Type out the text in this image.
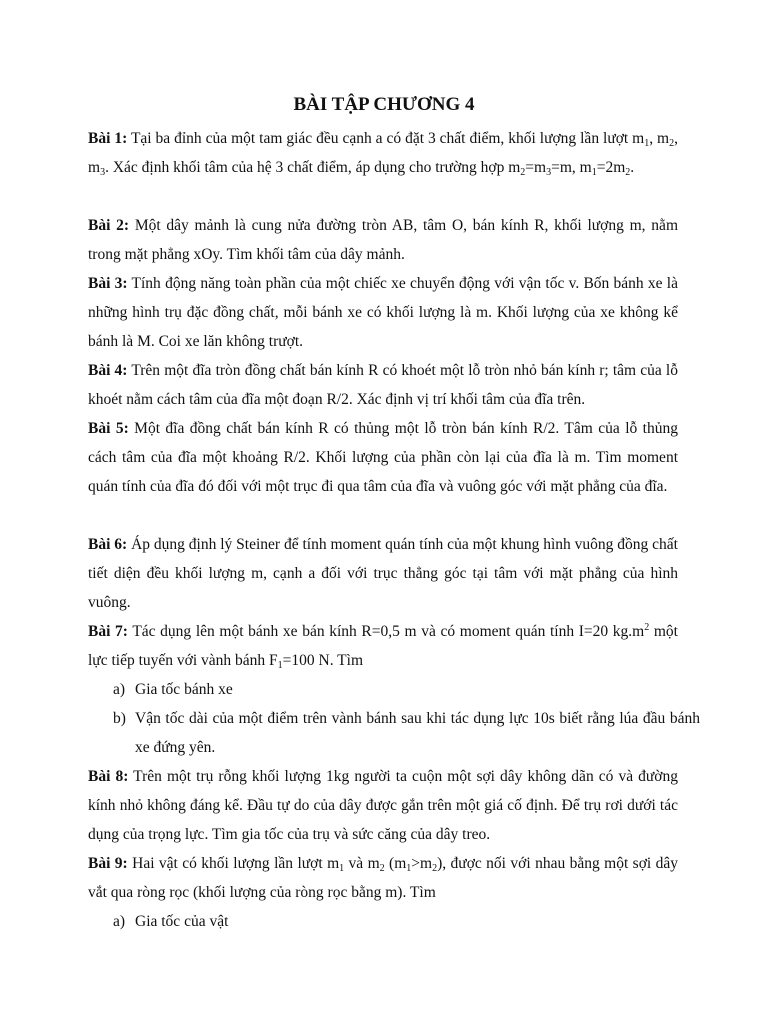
BÀI TẬP CHƯƠNG 4
Bài 1: Tại ba đỉnh của một tam giác đều cạnh a có đặt 3 chất điểm, khối lượng lần lượt $m_1$, $m_2$, $m_3$. Xác định khối tâm của hệ 3 chất điểm, áp dụng cho trường hợp $m_2=m_3=m$, $m_1=2m_2$.
Bài 2: Một dây mảnh là cung nửa đường tròn AB, tâm O, bán kính R, khối lượng m, nằm trong mặt phẳng xOy. Tìm khối tâm của dây mảnh.
Bài 3: Tính động năng toàn phần của một chiếc xe chuyển động với vận tốc v. Bốn bánh xe là những hình trụ đặc đồng chất, mỗi bánh xe có khối lượng là m. Khối lượng của xe không kể bánh là M. Coi xe lăn không trượt.
Bài 4: Trên một đĩa tròn đồng chất bán kính R có khoét một lỗ tròn nhỏ bán kính r; tâm của lỗ khoét nằm cách tâm của đĩa một đoạn R/2. Xác định vị trí khối tâm của đĩa trên.
Bài 5: Một đĩa đồng chất bán kính R có thủng một lỗ tròn bán kính R/2. Tâm của lỗ thủng cách tâm của đĩa một khoảng R/2. Khối lượng của phần còn lại của đĩa là m. Tìm moment quán tính của đĩa đó đối với một trục đi qua tâm của đĩa và vuông góc với mặt phẳng của đĩa.
Bài 6: Áp dụng định lý Steiner để tính moment quán tính của một khung hình vuông đồng chất tiết diện đều khối lượng m, cạnh a đối với trục thẳng góc tại tâm với mặt phẳng của hình vuông.
Bài 7: Tác dụng lên một bánh xe bán kính R=0,5 m và có moment quán tính I=20 $kg.m^2$ một lực tiếp tuyến với vành bánh $F_1=100$ N. Tìm
a) Gia tốc bánh xe
b) Vận tốc dài của một điểm trên vành bánh sau khi tác dụng lực 10s biết rằng lúa đầu bánh xe đứng yên.
Bài 8: Trên một trụ rỗng khối lượng 1kg người ta cuộn một sợi dây không dãn có và đường kính nhỏ không đáng kể. Đầu tự do của dây được gắn trên một giá cố định. Để trụ rơi dưới tác dụng của trọng lực. Tìm gia tốc của trụ và sức căng của dây treo.
Bài 9: Hai vật có khối lượng lần lượt $m_1$ và $m_2$ $(m_1>m_2)$, được nối với nhau bằng một sợi dây vắt qua ròng rọc (khối lượng của ròng rọc bằng m). Tìm
a) Gia tốc của vật
